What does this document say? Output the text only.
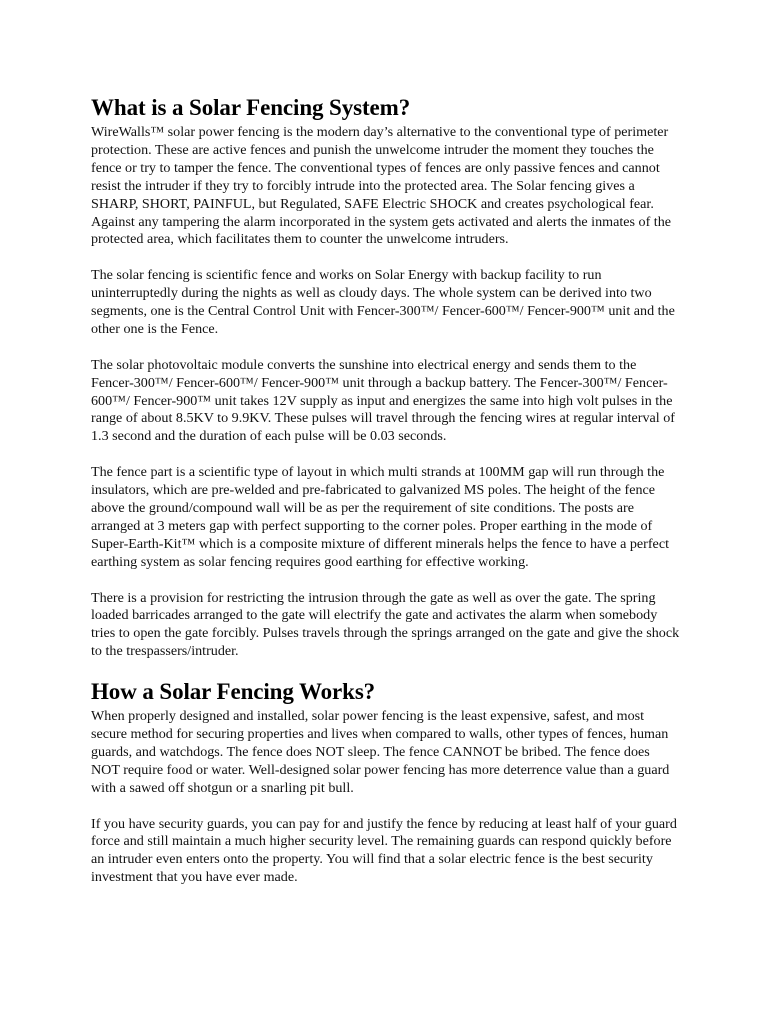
What is a Solar Fencing System?

WireWalls™ solar power fencing is the modern day’s alternative to the conventional type of perimeter protection. These are active fences and punish the unwelcome intruder the moment they touches the fence or try to tamper the fence. The conventional types of fences are only passive fences and cannot resist the intruder if they try to forcibly intrude into the protected area. The Solar fencing gives a SHARP, SHORT, PAINFUL, but Regulated, SAFE Electric SHOCK and creates psychological fear. Against any tampering the alarm incorporated in the system gets activated and alerts the inmates of the protected area, which facilitates them to counter the unwelcome intruders.

The solar fencing is scientific fence and works on Solar Energy with backup facility to run uninterruptedly during the nights as well as cloudy days. The whole system can be derived into two segments, one is the Central Control Unit with Fencer-300™/ Fencer-600™/ Fencer-900™ unit and the other one is the Fence.

The solar photovoltaic module converts the sunshine into electrical energy and sends them to the Fencer-300™/ Fencer-600™/ Fencer-900™ unit through a backup battery. The Fencer-300™/ Fencer-600™/ Fencer-900™ unit takes 12V supply as input and energizes the same into high volt pulses in the range of about 8.5KV to 9.9KV. These pulses will travel through the fencing wires at regular interval of 1.3 second and the duration of each pulse will be 0.03 seconds.

The fence part is a scientific type of layout in which multi strands at 100MM gap will run through the insulators, which are pre-welded and pre-fabricated to galvanized MS poles. The height of the fence above the ground/compound wall will be as per the requirement of site conditions. The posts are arranged at 3 meters gap with perfect supporting to the corner poles. Proper earthing in the mode of Super-Earth-Kit™ which is a composite mixture of different minerals helps the fence to have a perfect earthing system as solar fencing requires good earthing for effective working.

There is a provision for restricting the intrusion through the gate as well as over the gate. The spring loaded barricades arranged to the gate will electrify the gate and activates the alarm when somebody tries to open the gate forcibly. Pulses travels through the springs arranged on the gate and give the shock to the trespassers/intruder.

How a Solar Fencing Works?

When properly designed and installed, solar power fencing is the least expensive, safest, and most secure method for securing properties and lives when compared to walls, other types of fences, human guards, and watchdogs. The fence does NOT sleep. The fence CANNOT be bribed. The fence does NOT require food or water. Well-designed solar power fencing has more deterrence value than a guard with a sawed off shotgun or a snarling pit bull.

If you have security guards, you can pay for and justify the fence by reducing at least half of your guard force and still maintain a much higher security level. The remaining guards can respond quickly before an intruder even enters onto the property. You will find that a solar electric fence is the best security investment that you have ever made.
